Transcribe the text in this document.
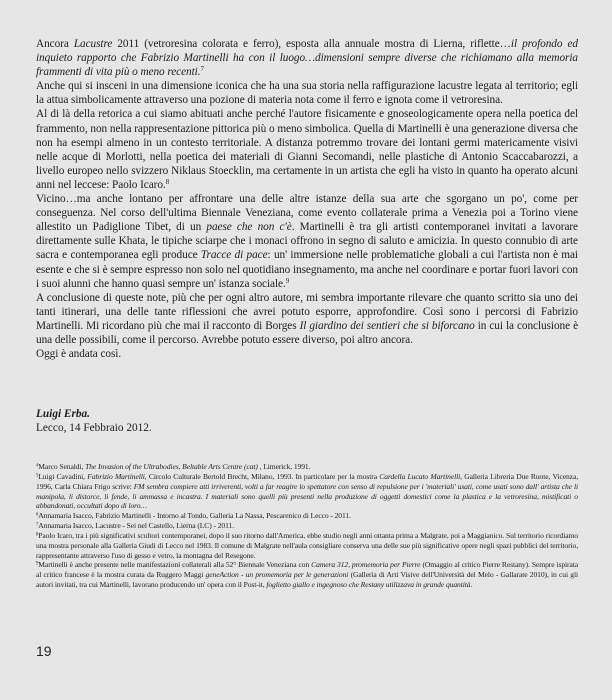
Ancora Lacustre 2011 (vetroresina colorata e ferro), esposta alla annuale mostra di Lierna, riflette…il profondo ed inquieto rapporto che Fabrizio Martinelli ha con il luogo…dimensioni sempre diverse che richiamano alla memoria frammenti di vita più o meno recenti.$^7$

Anche qui si insceni in una dimensione iconica che ha una sua storia nella raffigurazione lacustre legata al territorio; egli la attua simbolicamente attraverso una pozione di materia nota come il ferro e ignota come il vetroresina.

Al di là della retorica a cui siamo abituati anche perché l'autore fisicamente e gnoseologicamente opera nella poetica del frammento, non nella rappresentazione pittorica più o meno simbolica. Quella di Martinelli è una generazione diversa che non ha esempi almeno in un contesto territoriale. A distanza potremmo trovare dei lontani germi matericamente visivi nelle acque di Morlotti, nella poetica dei materiali di Gianni Secomandi, nelle plastiche di Antonio Scaccabarozzi, a livello europeo nello svizzero Niklaus Stoecklin, ma certamente in un artista che egli ha visto in quanto ha operato alcuni anni nel leccese: Paolo Icaro.$^8$

Vicino…ma anche lontano per affrontare una delle altre istanze della sua arte che sgorgano un po', come per conseguenza. Nel corso dell'ultima Biennale Veneziana, come evento collaterale prima a Venezia poi a Torino viene allestito un Padiglione Tibet, di un paese che non c'è. Martinelli è tra gli artisti contemporanei invitati a lavorare direttamente sulle Khata, le tipiche sciarpe che i monaci offrono in segno di saluto e amicizia. In questo connubio di arte sacra e contemporanea egli produce Tracce di pace: un' immersione nelle problematiche globali a cui l'artista non è mai esente e che si è sempre espresso non solo nel quotidiano insegnamento, ma anche nel coordinare e portar fuori lavori con i suoi alunni che hanno quasi sempre un' istanza sociale.$^9$

A conclusione di queste note, più che per ogni altro autore, mi sembra importante rilevare che quanto scritto sia uno dei tanti itinerari, una delle tante riflessioni che avrei potuto esporre, approfondire. Così sono i percorsi di Fabrizio Martinelli. Mi ricordano più che mai il racconto di Borges Il giardino dei sentieri che si biforcano in cui la conclusione è una delle possibili, come il percorso. Avrebbe potuto essere diverso, poi altro ancora.

Oggi è andata così.

Luigi Erba.

Lecco, 14 Febbraio 2012.

$^4$Marco Senaldi, The Invasion of the Ultrabodies, Beltable Arts Centre (cat) , Limerick, 1991.

$^5$Luigi Cavadini, Fabrizio Martinelli, Circolo Culturale Bertold Brecht, Milano, 1993. In particolare per la mostra Cardella Lucato Martinelli, Galleria Libreria Due Ruote, Vicenza, 1996, Carla Chiara Frigo scrive: FM sembra compiere atti irriverenti, volti a far reagire lo spettatore con senso di repulsione per i 'materiali' usati, come usati sono dall' artista che li manipola, li distorce, li fende, li ammassa e incastra. I materiali sono quelli più presenti nella produzione di oggetti domestici come la plastica e la vetroresina, mistificati o abbandonati, occultati dopo di loro…

$^6$Annamaria Isacco, Fabrizio Martinelli - Intorno al Tondo, Galleria La Nassa, Pescarenico di Lecco - 2011.

$^7$Annamaria Isacco, Lacustre - Sei nel Castello, Lierna (LC) - 2011.

$^8$Paolo Icaro, tra i più significativi scultori contemporanei, dopo il suo ritorno dall'America, ebbe studio negli anni ottanta prima a Malgrate, poi a Maggianico. Sul territorio ricordiamo una mostra personale alla Galleria Giudi di Lecco nel 1983. Il comune di Malgrate nell'aula consigliare conserva una delle sue più significative opere negli spazi pubblici del territorio, rappresentante attraverso l'uso di gesso e vetro, la montagna del Resegone.

$^9$Martinelli è anche presente nelle manifestazioni collaterali alla 52° Biennale Veneziana con Camera 312, promemoria per Pierre (Omaggio al critico Pierre Restany). Sempre ispirata al critico francese è la mostra curata da Ruggero Maggi geneAction - un promemoria per le generazioni (Galleria di Arti Visive dell'Università del Melo - Gallarate 2010), in cui gli autori invitati, tra cui Martinelli, lavorano producendo un' opera con il Post-it, foglietto giallo e ingegnoso che Restany utilizzava in grande quantità.

19
